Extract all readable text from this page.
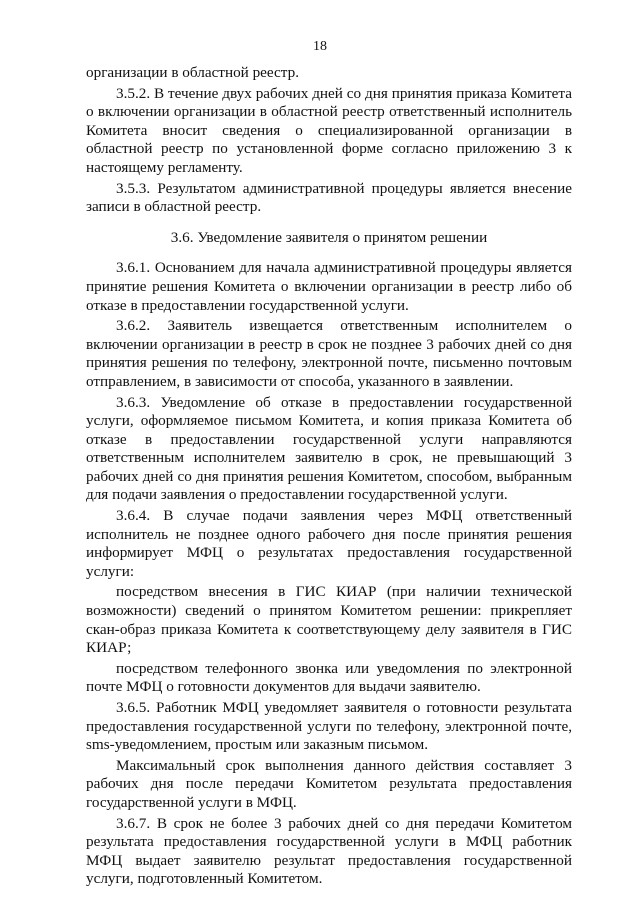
18

организации в областной реестр.

3.5.2. В течение двух рабочих дней со дня принятия приказа Комитета о включении организации в областной реестр ответственный исполнитель Комитета вносит сведения о специализированной организации в областной реестр по установленной форме согласно приложению 3 к настоящему регламенту.

3.5.3. Результатом административной процедуры является внесение записи в областной реестр.

3.6. Уведомление заявителя о принятом решении

3.6.1. Основанием для начала административной процедуры является принятие решения Комитета о включении организации в реестр либо об отказе в предоставлении государственной услуги.

3.6.2. Заявитель извещается ответственным исполнителем о включении организации в реестр в срок не позднее 3 рабочих дней со дня принятия решения по телефону, электронной почте, письменно почтовым отправлением, в зависимости от способа, указанного в заявлении.

3.6.3. Уведомление об отказе в предоставлении государственной услуги, оформляемое письмом Комитета, и копия приказа Комитета об отказе в предоставлении государственной услуги направляются ответственным исполнителем заявителю в срок, не превышающий 3 рабочих дней со дня принятия решения Комитетом, способом, выбранным для подачи заявления о предоставлении государственной услуги.

3.6.4. В случае подачи заявления через МФЦ ответственный исполнитель не позднее одного рабочего дня после принятия решения информирует МФЦ о результатах предоставления государственной услуги:

посредством внесения в ГИС КИАР (при наличии технической возможности) сведений о принятом Комитетом решении: прикрепляет скан-образ приказа Комитета к соответствующему делу заявителя в ГИС КИАР;

посредством телефонного звонка или уведомления по электронной почте МФЦ о готовности документов для выдачи заявителю.

3.6.5. Работник МФЦ уведомляет заявителя о готовности результата предоставления государственной услуги по телефону, электронной почте, sms-уведомлением, простым или заказным письмом.

Максимальный срок выполнения данного действия составляет 3 рабочих дня после передачи Комитетом результата предоставления государственной услуги в МФЦ.

3.6.7. В срок не более 3 рабочих дней со дня передачи Комитетом результата предоставления государственной услуги в МФЦ работник МФЦ выдает заявителю результат предоставления государственной услуги, подготовленный Комитетом.
